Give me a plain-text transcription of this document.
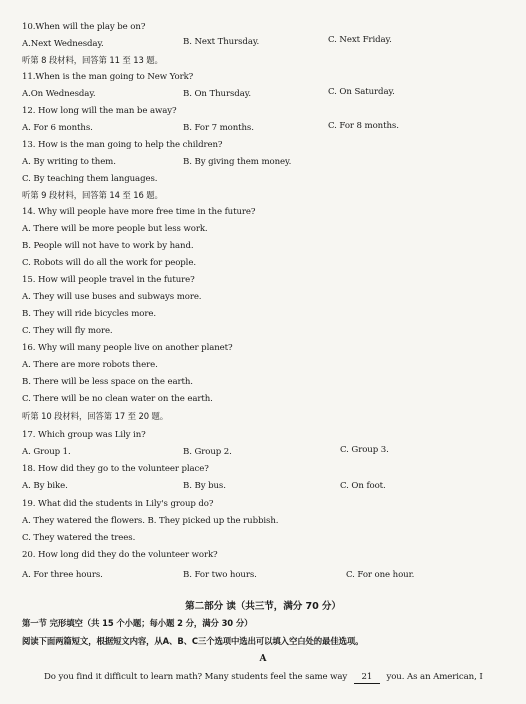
10.When will the play be on?
A.Next Wednesday.	B. Next Thursday.	C. Next Friday.
听第 8 段材料，回答第 11 至 13 题。
11.When is the man going to New York?
A.On Wednesday.	B. On Thursday.	C. On Saturday.
12. How long will the man be away?
A. For 6 months.	B. For 7 months.	C. For 8 months.
13. How is the man going to help the children?
A. By writing to them.	B. By giving them money.
C. By teaching them languages.
听第 9 段材料，回答第 14 至 16 题。
14. Why will people have more free time in the future?
A. There will be more people but less work.
B. People will not have to work by hand.
C. Robots will do all the work for people.
15. How will people travel in the future?
A. They will use buses and subways more.
B. They will ride bicycles more.
C. They will fly more.
16. Why will many people live on another planet?
A. There are more robots there.
B. There will be less space on the earth.
C. There will be no clean water on the earth.
听第 10 段材料，回答第 17 至 20 题。
17. Which group was Lily in?
A. Group 1.	B. Group 2.	C. Group 3.
18. How did they go to the volunteer place?
A. By bike.	B. By bus.	C. On foot.
19. What did the students in Lily's group do?
A. They watered the flowers. B. They picked up the rubbish.
C. They watered the trees.
20. How long did they do the volunteer work?
A. For three hours.	B. For two hours.	C. For one hour.
第二部分 读（共三节，满分 70 分）
第一节 完形填空（共 15 个小题；每小题 2 分，满分 30 分）
阅读下面两篇短文，根据短文内容，从A、B、C三个选项中选出可以填入空白处的最佳选项。
A
Do you find it difficult to learn math? Many students feel the same way 21 you. As an American, I
